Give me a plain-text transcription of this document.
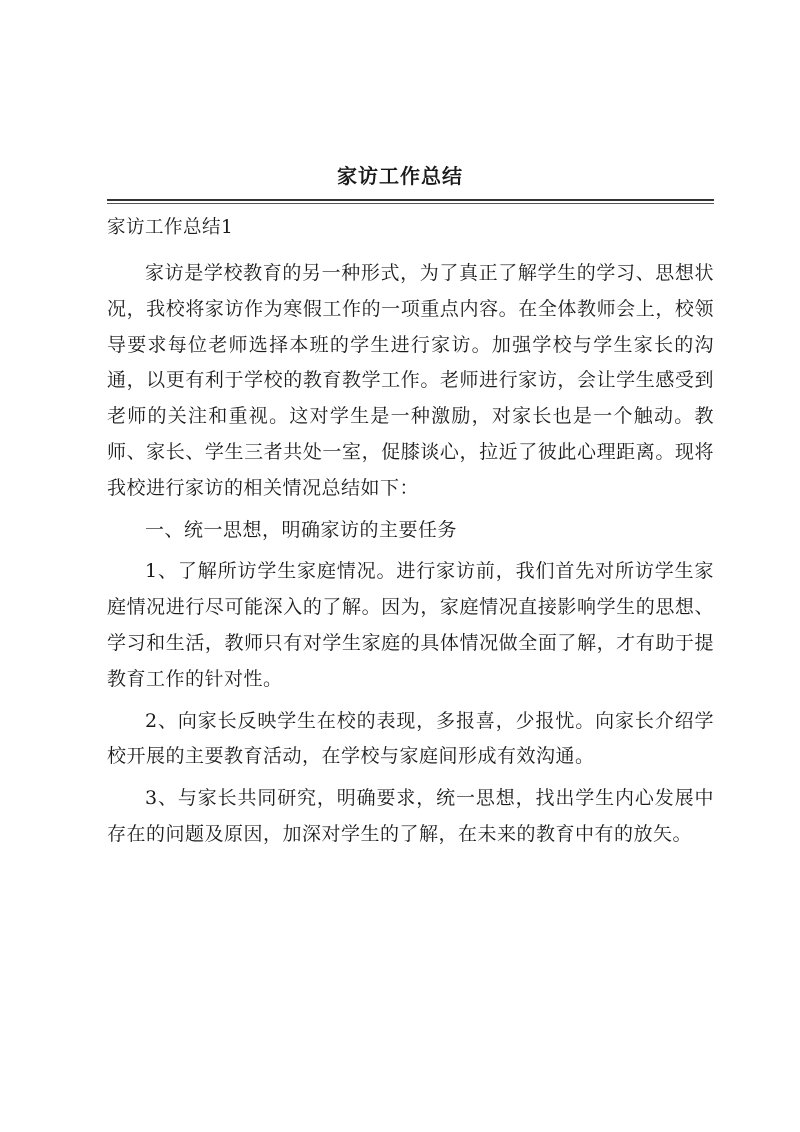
家访工作总结
家访工作总结1

家访是学校教育的另一种形式，为了真正了解学生的学习、思想状况，我校将家访作为寒假工作的一项重点内容。在全体教师会上，校领导要求每位老师选择本班的学生进行家访。加强学校与学生家长的沟通，以更有利于学校的教育教学工作。老师进行家访，会让学生感受到老师的关注和重视。这对学生是一种激励，对家长也是一个触动。教师、家长、学生三者共处一室，促膝谈心，拉近了彼此心理距离。现将我校进行家访的相关情况总结如下：

一、统一思想，明确家访的主要任务

1、了解所访学生家庭情况。进行家访前，我们首先对所访学生家庭情况进行尽可能深入的了解。因为，家庭情况直接影响学生的思想、学习和生活，教师只有对学生家庭的具体情况做全面了解，才有助于提教育工作的针对性。

2、向家长反映学生在校的表现，多报喜，少报忧。向家长介绍学校开展的主要教育活动，在学校与家庭间形成有效沟通。

3、与家长共同研究，明确要求，统一思想，找出学生内心发展中存在的问题及原因，加深对学生的了解，在未来的教育中有的放矢。
